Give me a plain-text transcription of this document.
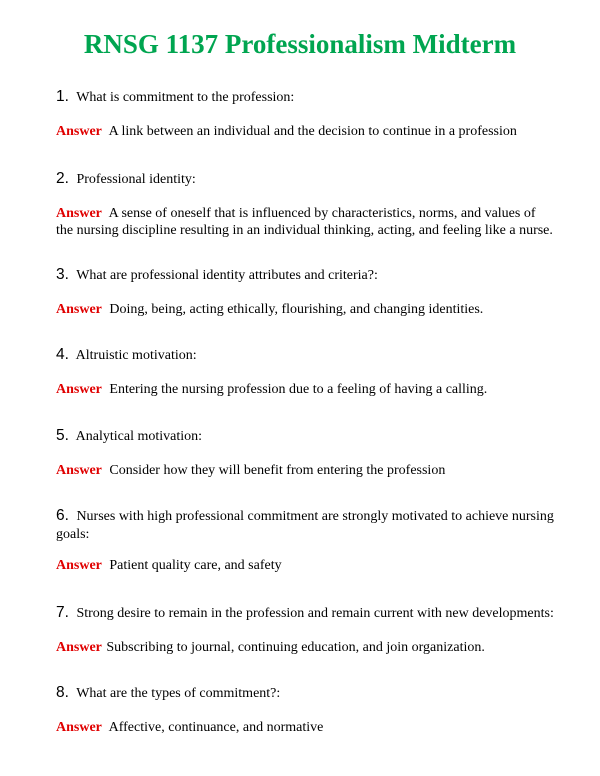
RNSG 1137 Professionalism Midterm

1. What is commitment to the profession:

Answer A link between an individual and the decision to continue in a profession

2. Professional identity:

Answer A sense of oneself that is influenced by characteristics, norms, and values of the nursing discipline resulting in an individual thinking, acting, and feeling like a nurse.

3. What are professional identity attributes and criteria?:

Answer Doing, being, acting ethically, flourishing, and changing identities.

4. Altruistic motivation:

Answer Entering the nursing profession due to a feeling of having a calling.

5. Analytical motivation:

Answer Consider how they will benefit from entering the profession

6. Nurses with high professional commitment are strongly motivated to achieve nursing goals:

Answer Patient quality care, and safety

7. Strong desire to remain in the profession and remain current with new developments:

Answer Subscribing to journal, continuing education, and join organization.

8. What are the types of commitment?:

Answer Affective, continuance, and normative
